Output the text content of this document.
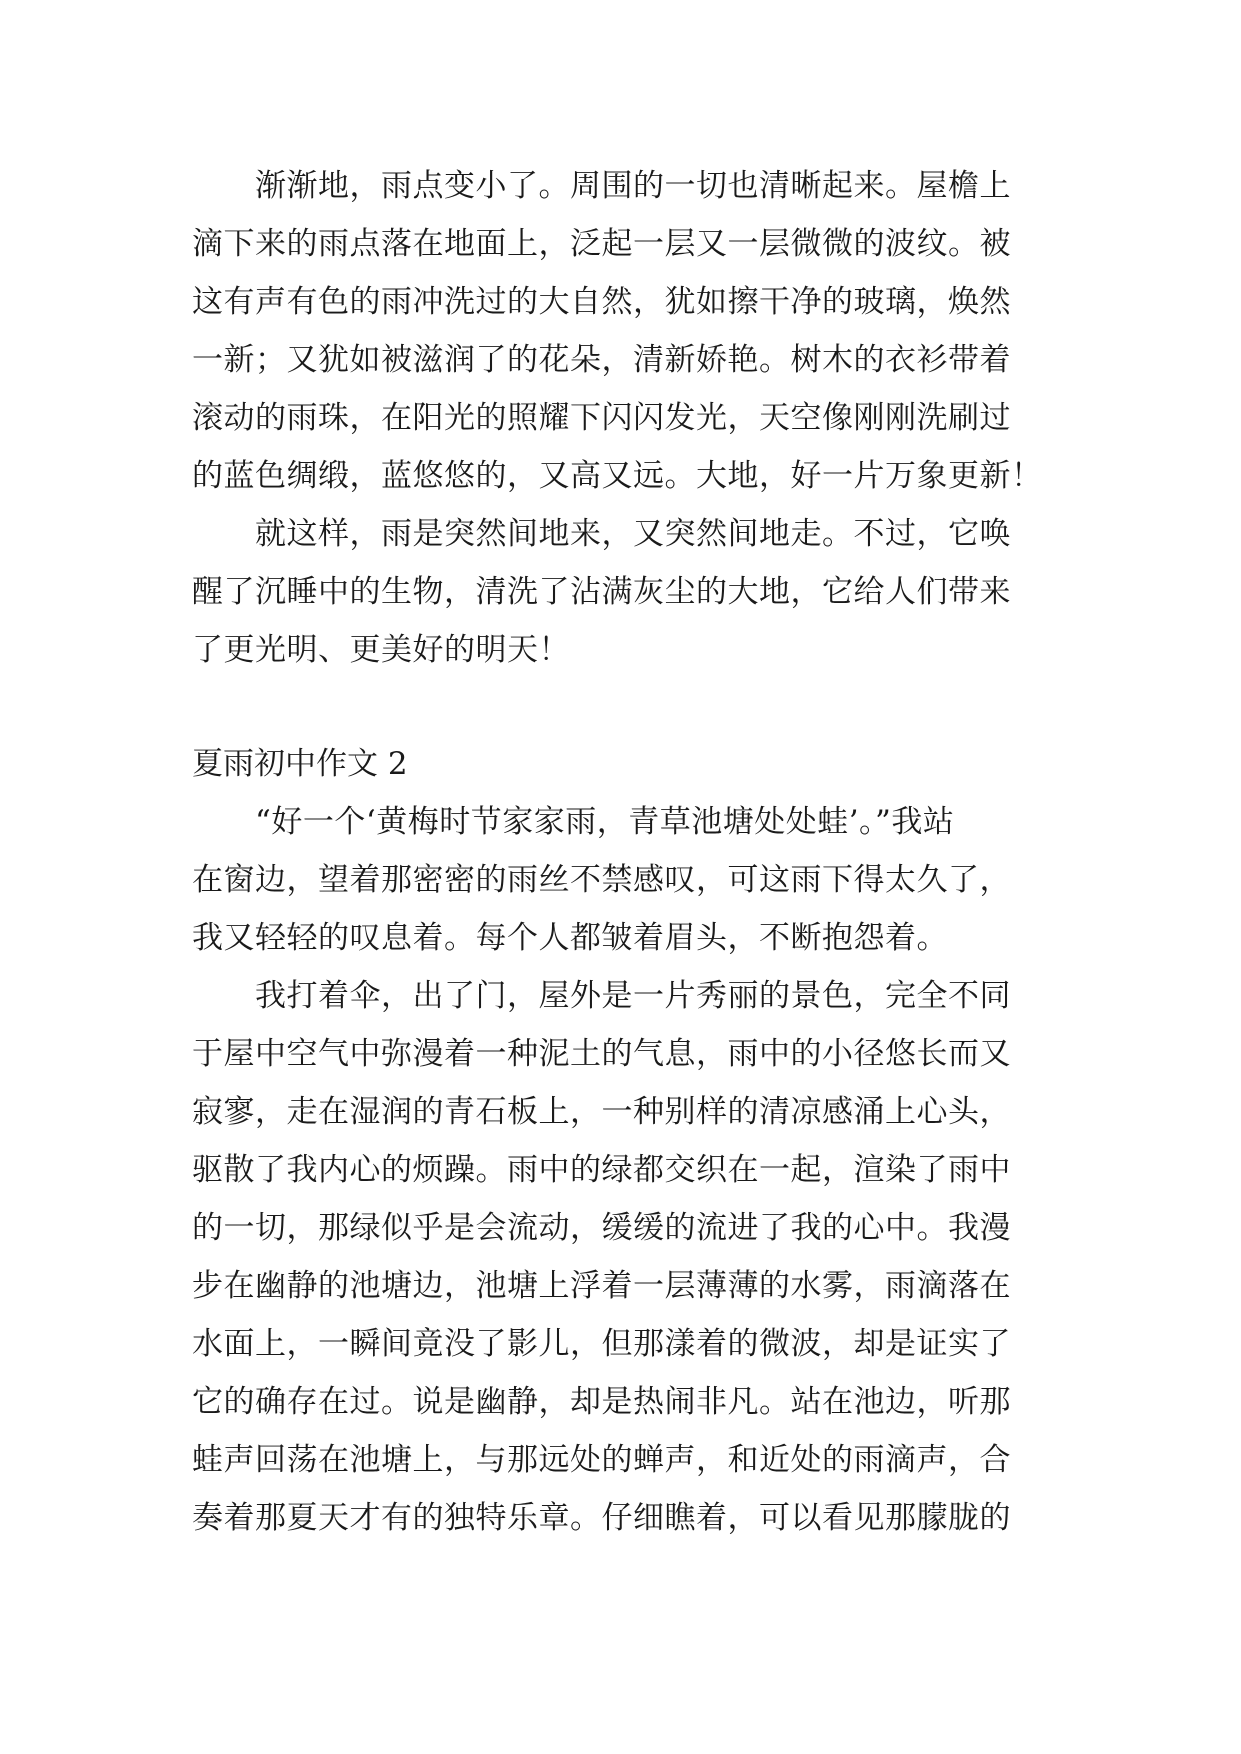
　　渐渐地，雨点变小了。周围的一切也清晰起来。屋檐上
滴下来的雨点落在地面上，泛起一层又一层微微的波纹。被
这有声有色的雨冲洗过的大自然，犹如擦干净的玻璃，焕然
一新；又犹如被滋润了的花朵，清新娇艳。树木的衣衫带着
滚动的雨珠，在阳光的照耀下闪闪发光，天空像刚刚洗刷过
的蓝色绸缎，蓝悠悠的，又高又远。大地，好一片万象更新！
　　就这样，雨是突然间地来，又突然间地走。不过，它唤
醒了沉睡中的生物，清洗了沾满灰尘的大地，它给人们带来
了更光明、更美好的明天！
夏雨初中作文 2
　　“好一个‘黄梅时节家家雨，青草池塘处处蛙’。”我站
在窗边，望着那密密的雨丝不禁感叹，可这雨下得太久了，
我又轻轻的叹息着。每个人都皱着眉头，不断抱怨着。
　　我打着伞，出了门，屋外是一片秀丽的景色，完全不同
于屋中空气中弥漫着一种泥土的气息，雨中的小径悠长而又
寂寥，走在湿润的青石板上，一种别样的清凉感涌上心头，
驱散了我内心的烦躁。雨中的绿都交织在一起，渲染了雨中
的一切，那绿似乎是会流动，缓缓的流进了我的心中。我漫
步在幽静的池塘边，池塘上浮着一层薄薄的水雾，雨滴落在
水面上，一瞬间竟没了影儿，但那漾着的微波，却是证实了
它的确存在过。说是幽静，却是热闹非凡。站在池边，听那
蛙声回荡在池塘上，与那远处的蝉声，和近处的雨滴声，合
奏着那夏天才有的独特乐章。仔细瞧着，可以看见那朦胧的
